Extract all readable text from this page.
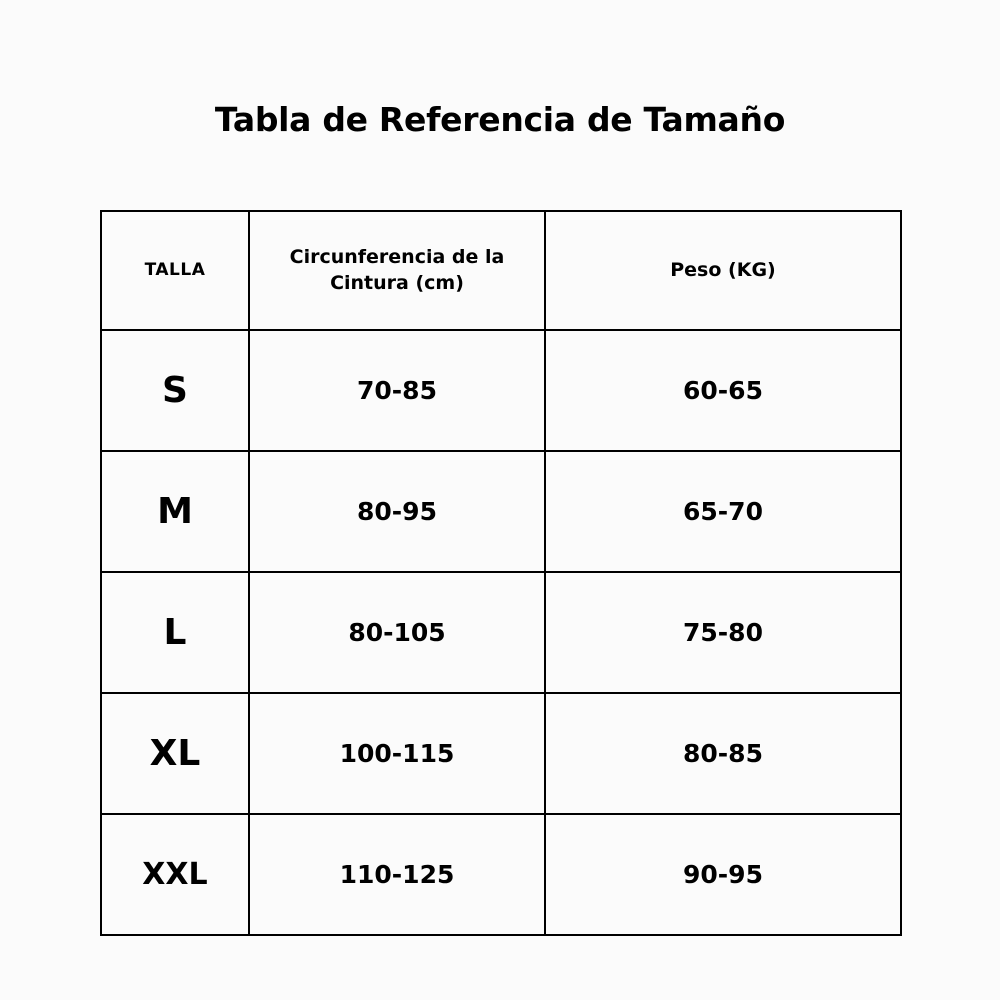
Tabla de Referencia de Tamaño
TALLA	Circunferencia de la Cintura (cm)	Peso (KG)
S	70-85	60-65
M	80-95	65-70
L	80-105	75-80
XL	100-115	80-85
XXL	110-125	90-95
